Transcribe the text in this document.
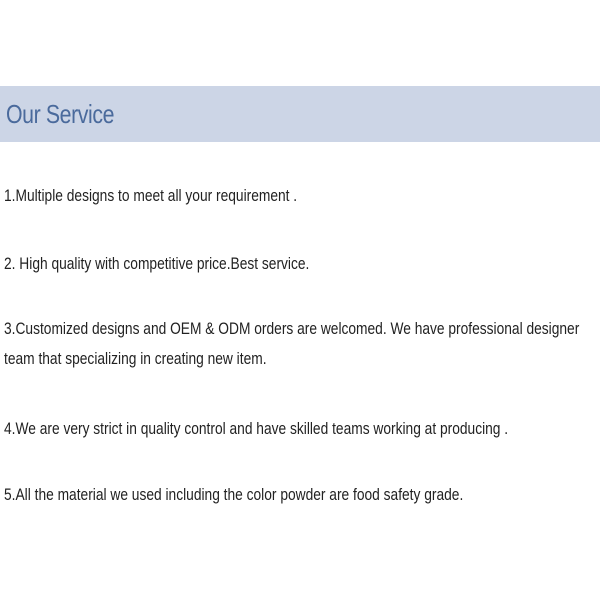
Our Service
1.Multiple designs to meet all your requirement .
2. High quality with competitive price.Best service.
3.Customized designs and OEM & ODM orders are welcomed. We have professional designer team that specializing in creating new item.
4.We are very strict in quality control and have skilled teams working at producing .
5.All the material we used including the color powder are food safety grade.
